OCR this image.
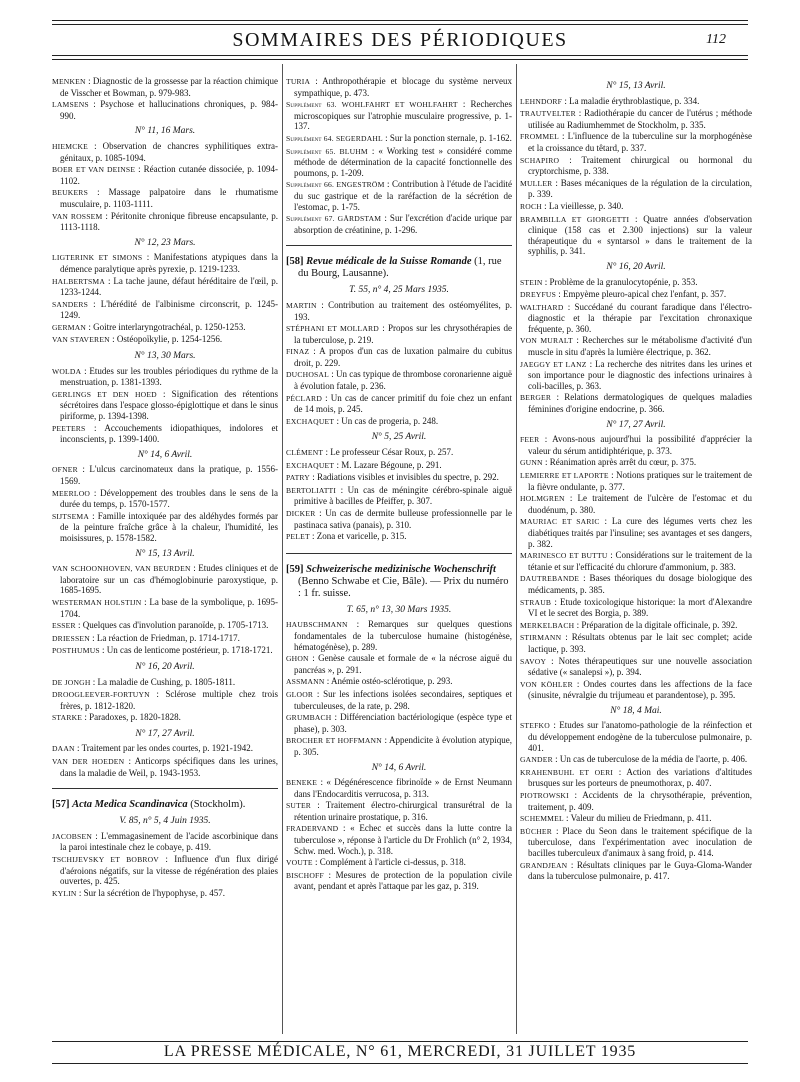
SOMMAIRES DES PÉRIODIQUES	112
MENKEN : Diagnostic de la grossesse par la réaction chimique de Visscher et Bowman, p. 979-983.
LAMSENS : Psychose et hallucinations chroniques, p. 984-990.
N° 11, 16 Mars.
HIEMCKE : Observation de chancres syphilitiques extra-génitaux, p. 1085-1094.
BOER ET VAN DEINSE : Réaction cutanée dissociée, p. 1094-1102.
BEUKERS : Massage palpatoire dans le rhumatisme musculaire, p. 1103-1111.
VAN ROSSEM : Péritonite chronique fibreuse encapsulante, p. 1113-1118.
N° 12, 23 Mars.
LIGTERINK ET SIMONS : Manifestations atypiques dans la démence paralytique après pyrexie, p. 1219-1233.
HALBERTSMA : La tache jaune, défaut héréditaire de l'œil, p. 1233-1244.
SANDERS : L'hérédité de l'albinisme circonscrit, p. 1245-1249.
GERMAN : Goitre interlaryngotrachéal, p. 1250-1253.
VAN STAVEREN : Ostéopoïkylie, p. 1254-1256.
N° 13, 30 Mars.
WOLDA : Etudes sur les troubles périodiques du rythme de la menstruation, p. 1381-1393.
GERLINGS ET DEN HOED : Signification des rétentions sécrétoires dans l'espace glosso-épiglottique et dans le sinus piriforme, p. 1394-1398.
PEETERS : Accouchements idiopathiques, indolores et inconscients, p. 1399-1400.
N° 14, 6 Avril.
OFNER : L'ulcus carcinomateux dans la pratique, p. 1556-1569.
MEERLOO : Développement des troubles dans le sens de la durée du temps, p. 1570-1577.
SIJTSEMA : Famille intoxiquée par des aldéhydes formés par de la peinture fraîche grâce à la chaleur, l'humidité, les moisissures, p. 1578-1582.
N° 15, 13 Avril.
VAN SCHOONHOVEN, VAN BEURDEN : Etudes cliniques et de laboratoire sur un cas d'hémoglobinurie paroxystique, p. 1685-1695.
WESTERMAN HOLSTIJN : La base de la symbolique, p. 1695-1704.
ESSER : Quelques cas d'involution paranoïde, p. 1705-1713.
DRIESSEN : La réaction de Friedman, p. 1714-1717.
POSTHUMUS : Un cas de lenticome postérieur, p. 1718-1721.
N° 16, 20 Avril.
DE JONGH : La maladie de Cushing, p. 1805-1811.
DROOGLEEVER-FORTUYN : Sclérose multiple chez trois frères, p. 1812-1820.
STARKE : Paradoxes, p. 1820-1828.
N° 17, 27 Avril.
DAAN : Traitement par les ondes courtes, p. 1921-1942.
VAN DER HOEDEN : Anticorps spécifiques dans les urines, dans la maladie de Weil, p. 1943-1953.
[57] Acta Medica Scandinavica (Stockholm).
V. 85, n° 5, 4 Juin 1935.
JACOBSEN : L'emmagasinement de l'acide ascorbinique dans la paroi intestinale chez le cobaye, p. 419.
TSCHIJEVSKY ET BOBROV : Influence d'un flux dirigé d'aéroions négatifs, sur la vitesse de régénération des plaies ouvertes, p. 425.
KYLIN : Sur la sécrétion de l'hypophyse, p. 457.
TURIA : Anthropothérapie et blocage du système nerveux sympathique, p. 473.
Supplément 63. WOHLFAHRT ET WOHLFAHRT : Recherches microscopiques sur l'atrophie musculaire progressive, p. 1-137.
Supplément 64. SEGERDAHL : Sur la ponction sternale, p. 1-162.
Supplément 65. BLUHM : « Working test » considéré comme méthode de détermination de la capacité fonctionnelle des poumons, p. 1-209.
Supplément 66. ENGESTRÖM : Contribution à l'étude de l'acidité du suc gastrique et de la raréfaction de la sécrétion de l'estomac, p. 1-75.
Supplément 67. GÅRDSTAM : Sur l'excrétion d'acide urique par absorption de créatinine, p. 1-296.
[58] Revue médicale de la Suisse Romande (1, rue du Bourg, Lausanne).
T. 55, n° 4, 25 Mars 1935.
MARTIN : Contribution au traitement des ostéomyélites, p. 193.
STÉPHANI ET MOLLARD : Propos sur les chrysothérapies de la tuberculose, p. 219.
FINAZ : A propos d'un cas de luxation palmaire du cubitus droit, p. 229.
DUCHOSAL : Un cas typique de thrombose coronarienne aiguë à évolution fatale, p. 236.
PÉCLARD : Un cas de cancer primitif du foie chez un enfant de 14 mois, p. 245.
EXCHAQUET : Un cas de progeria, p. 248.
N° 5, 25 Avril.
CLÉMENT : Le professeur César Roux, p. 257.
EXCHAQUET : M. Lazare Bégoune, p. 291.
PATRY : Radiations visibles et invisibles du spectre, p. 292.
BERTOLIATTI : Un cas de méningite cérébro-spinale aiguë primitive à bacilles de Pfeiffer, p. 307.
DICKER : Un cas de dermite bulleuse professionnelle par le pastinaca sativa (panais), p. 310.
PELET : Zona et varicelle, p. 315.
[59] Schweizerische medizinische Wochenschrift (Benno Schwabe et Cie, Bâle). — Prix du numéro : 1 fr. suisse.
T. 65, n° 13, 30 Mars 1935.
HAUBSCHMANN : Remarques sur quelques questions fondamentales de la tuberculose humaine (histogénèse, hématogénèse), p. 289.
GHON : Genèse causale et formale de « la nécrose aiguë du pancréas », p. 291.
ASSMANN : Anémie ostéo-sclérotique, p. 293.
GLOOR : Sur les infections isolées secondaires, septiques et tuberculeuses, de la rate, p. 298.
GRUMBACH : Différenciation bactériologique (espèce type et phase), p. 303.
BROCHER ET HOFFMANN : Appendicite à évolution atypique, p. 305.
N° 14, 6 Avril.
BENEKE : « Dégénérescence fibrinoïde » de Ernst Neumann dans l'Endocarditis verrucosa, p. 313.
SUTER : Traitement électro-chirurgical transurétral de la rétention urinaire prostatique, p. 316.
FRADERVAND : « Echec et succès dans la lutte contre la tuberculose », réponse à l'article du Dr Frohlich (n° 2, 1934, Schw. med. Woch.), p. 318.
VOUTE : Complément à l'article ci-dessus, p. 318.
BISCHOFF : Mesures de protection de la population civile avant, pendant et après l'attaque par les gaz, p. 319.
N° 15, 13 Avril.
LEHNDORF : La maladie érythroblastique, p. 334.
TRAUTVELTER : Radiothérapie du cancer de l'utérus ; méthode utilisée au Radiumhemmet de Stockholm, p. 335.
FROMMEL : L'influence de la tuberculine sur la morphogénèse et la croissance du têtard, p. 337.
SCHAPIRO : Traitement chirurgical ou hormonal du cryptorchisme, p. 338.
MULLER : Bases mécaniques de la régulation de la circulation, p. 339.
ROCH : La vieillesse, p. 340.
BRAMBILLA ET GIORGETTI : Quatre années d'observation clinique (158 cas et 2.300 injections) sur la valeur thérapeutique du « syntarsol » dans le traitement de la syphilis, p. 341.
N° 16, 20 Avril.
STEIN : Problème de la granulocytopénie, p. 353.
DREYFUS : Empyème pleuro-apical chez l'enfant, p. 357.
WALTHARD : Succédané du courant faradique dans l'électro-diagnostic et la thérapie par l'excitation chronaxique fréquente, p. 360.
VON MURALT : Recherches sur le métabolisme d'activité d'un muscle in situ d'après la lumière électrique, p. 362.
JAEGGY ET LANZ : La recherche des nitrites dans les urines et son importance pour le diagnostic des infections urinaires à coli-bacilles, p. 363.
BERGER : Relations dermatologiques de quelques maladies féminines d'origine endocrine, p. 366.
N° 17, 27 Avril.
FEER : Avons-nous aujourd'hui la possibilité d'apprécier la valeur du sérum antidiphtérique, p. 373.
GUNN : Réanimation après arrêt du cœur, p. 375.
LEMIERRE ET LAPORTE : Notions pratiques sur le traitement de la fièvre ondulante, p. 377.
HOLMGREN : Le traitement de l'ulcère de l'estomac et du duodénum, p. 380.
MAURIAC ET SARIC : La cure des légumes verts chez les diabétiques traités par l'insuline; ses avantages et ses dangers, p. 382.
MARINESCO ET BUTTU : Considérations sur le traitement de la tétanie et sur l'efficacité du chlorure d'ammonium, p. 383.
DAUTREBANDE : Bases théoriques du dosage biologique des médicaments, p. 385.
STRAUB : Etude toxicologique historique: la mort d'Alexandre VI et le secret des Borgia, p. 389.
MERKELBACH : Préparation de la digitale officinale, p. 392.
STIRMANN : Résultats obtenus par le lait sec complet; acide lactique, p. 393.
SAVOY : Notes thérapeutiques sur une nouvelle association sédative (« sanalepsi »), p. 394.
VON KÖHLER : Ondes courtes dans les affections de la face (sinusite, névralgie du trijumeau et parandentose), p. 395.
N° 18, 4 Mai.
STEFKO : Etudes sur l'anatomo-pathologie de la réinfection et du développement endogène de la tuberculose pulmonaire, p. 401.
GANDER : Un cas de tuberculose de la média de l'aorte, p. 406.
KRAHENBUHL ET OERI : Action des variations d'altitudes brusques sur les porteurs de pneumothorax, p. 407.
PIOTROWSKI : Accidents de la chrysothérapie, prévention, traitement, p. 409.
SCHEMMEL : Valeur du milieu de Friedmann, p. 411.
BÜCHER : Place du Seon dans le traitement spécifique de la tuberculose, dans l'expérimentation avec inoculation de bacilles tuberculeux d'animaux à sang froid, p. 414.
GRANDJEAN : Résultats cliniques par le Guya-Gloma-Wander dans la tuberculose pulmonaire, p. 417.
LA PRESSE MÉDICALE, N° 61, MERCREDI, 31 JUILLET 1935
